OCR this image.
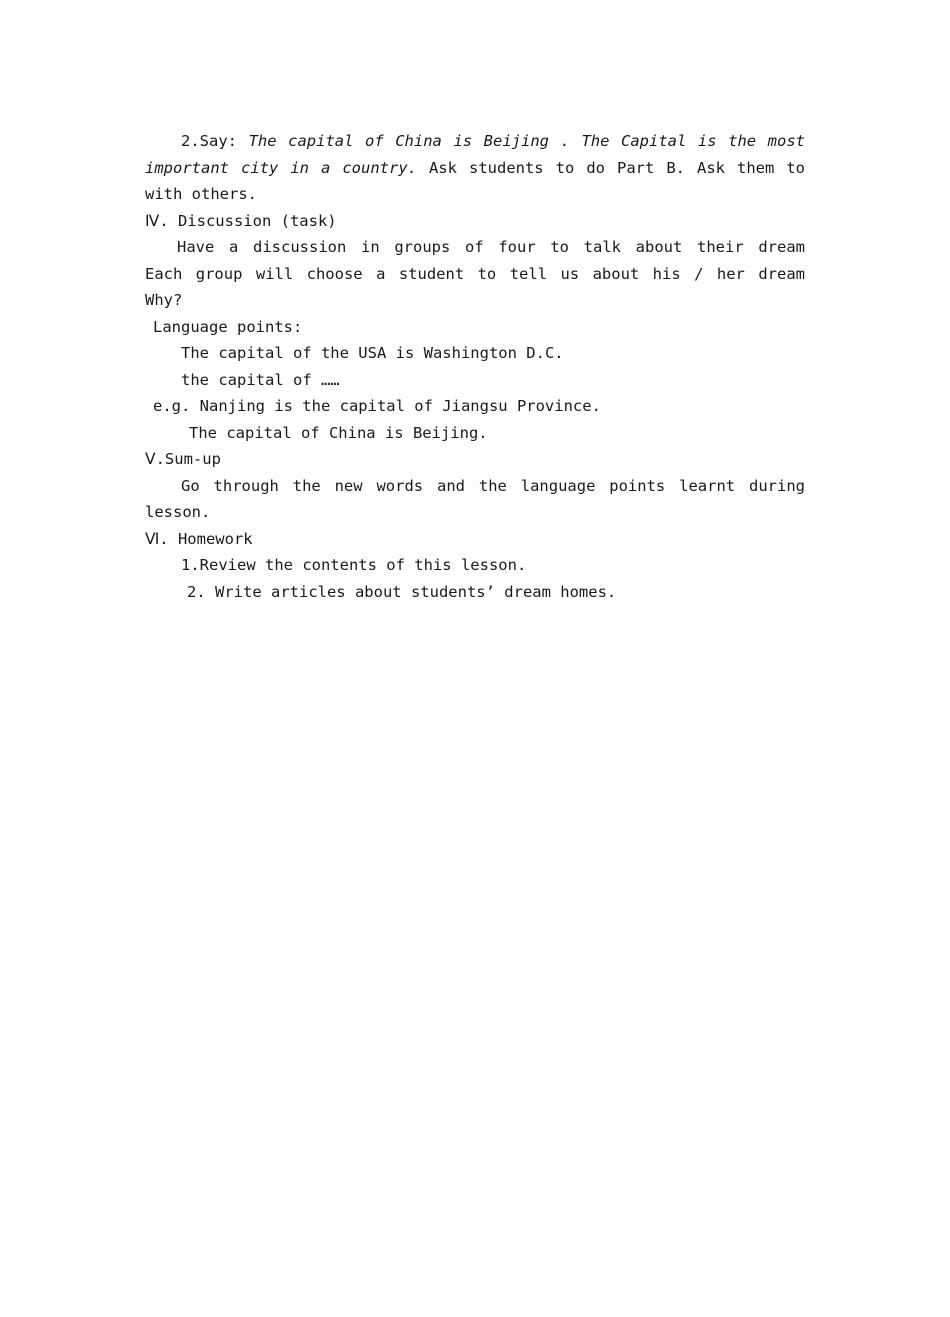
2.Say: The capital of China is Beijing . The Capital is the most
important city in a country. Ask students to do Part B. Ask them to
with others.
Ⅳ. Discussion (task)
Have a discussion in groups of four to talk about their dream
Each group will choose a student to tell us about his / her dream
Why?
Language points:
The capital of the USA is Washington D.C.
the capital of ……
e.g. Nanjing is the capital of Jiangsu Province.
The capital of China is Beijing.
Ⅴ.Sum-up
Go through the new words and the language points learnt during
lesson.
Ⅵ. Homework
1.Review the contents of this lesson.
2. Write articles about students’ dream homes.
